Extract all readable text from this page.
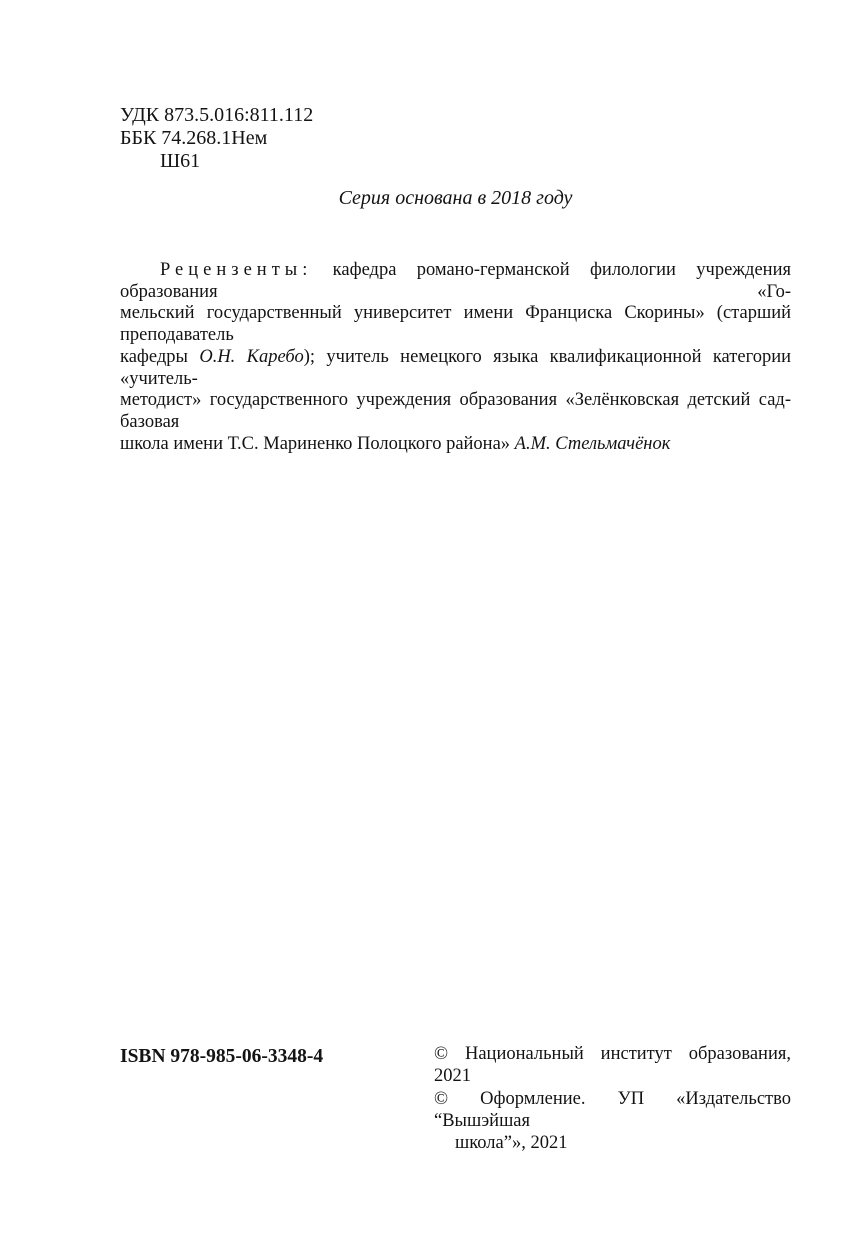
УДК 873.5.016:811.112
ББК 74.268.1Нем
Ш61
Серия основана в 2018 году
Рецензенты: кафедра романо-германской филологии учреждения образования «Го-
мельский государственный университет имени Франциска Скорины» (старший преподаватель
кафедры О.Н. Каребо); учитель немецкого языка квалификационной категории «учитель-
методист» государственного учреждения образования «Зелёнковская детский сад-базовая
школа имени Т.С. Мариненко Полоцкого района» А.М. Стельмачёнок
ISBN 978-985-06-3348-4	© Национальный институт образования, 2021
© Оформление. УП «Издательство “Вышэйшая
школа”», 2021
